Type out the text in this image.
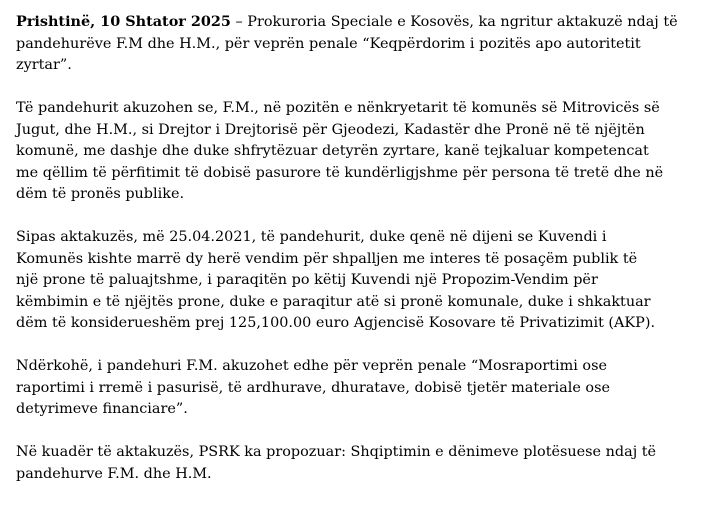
Prishtinë, 10 Shtator 2025 – Prokuroria Speciale e Kosovës, ka ngritur aktakuzë ndaj të
pandehurëve F.M dhe H.M., për veprën penale “Keqpërdorim i pozitës apo autoritetit
zyrtar”.

Të pandehurit akuzohen se, F.M., në pozitën e nënkryetarit të komunës së Mitrovicës së
Jugut, dhe H.M., si Drejtor i Drejtorisë për Gjeodezi, Kadastër dhe Pronë në të njëjtën
komunë, me dashje dhe duke shfrytëzuar detyrën zyrtare, kanë tejkaluar kompetencat
me qëllim të përfitimit të dobisë pasurore të kundërligjshme për persona të tretë dhe në
dëm të pronës publike.

Sipas aktakuzës, më 25.04.2021, të pandehurit, duke qenë në dijeni se Kuvendi i
Komunës kishte marrë dy herë vendim për shpalljen me interes të posaçëm publik të
një prone të paluajtshme, i paraqitën po këtij Kuvendi një Propozim-Vendim për
këmbimin e të njëjtës prone, duke e paraqitur atë si pronë komunale, duke i shkaktuar
dëm të konsiderueshëm prej 125,100.00 euro Agjencisë Kosovare të Privatizimit (AKP).

Ndërkohë, i pandehuri F.M. akuzohet edhe për veprën penale “Mosraportimi ose
raportimi i rremë i pasurisë, të ardhurave, dhuratave, dobisë tjetër materiale ose
detyrimeve financiare”.

Në kuadër të aktakuzës, PSRK ka propozuar: Shqiptimin e dënimeve plotësuese ndaj të
pandehurve F.M. dhe H.M.
